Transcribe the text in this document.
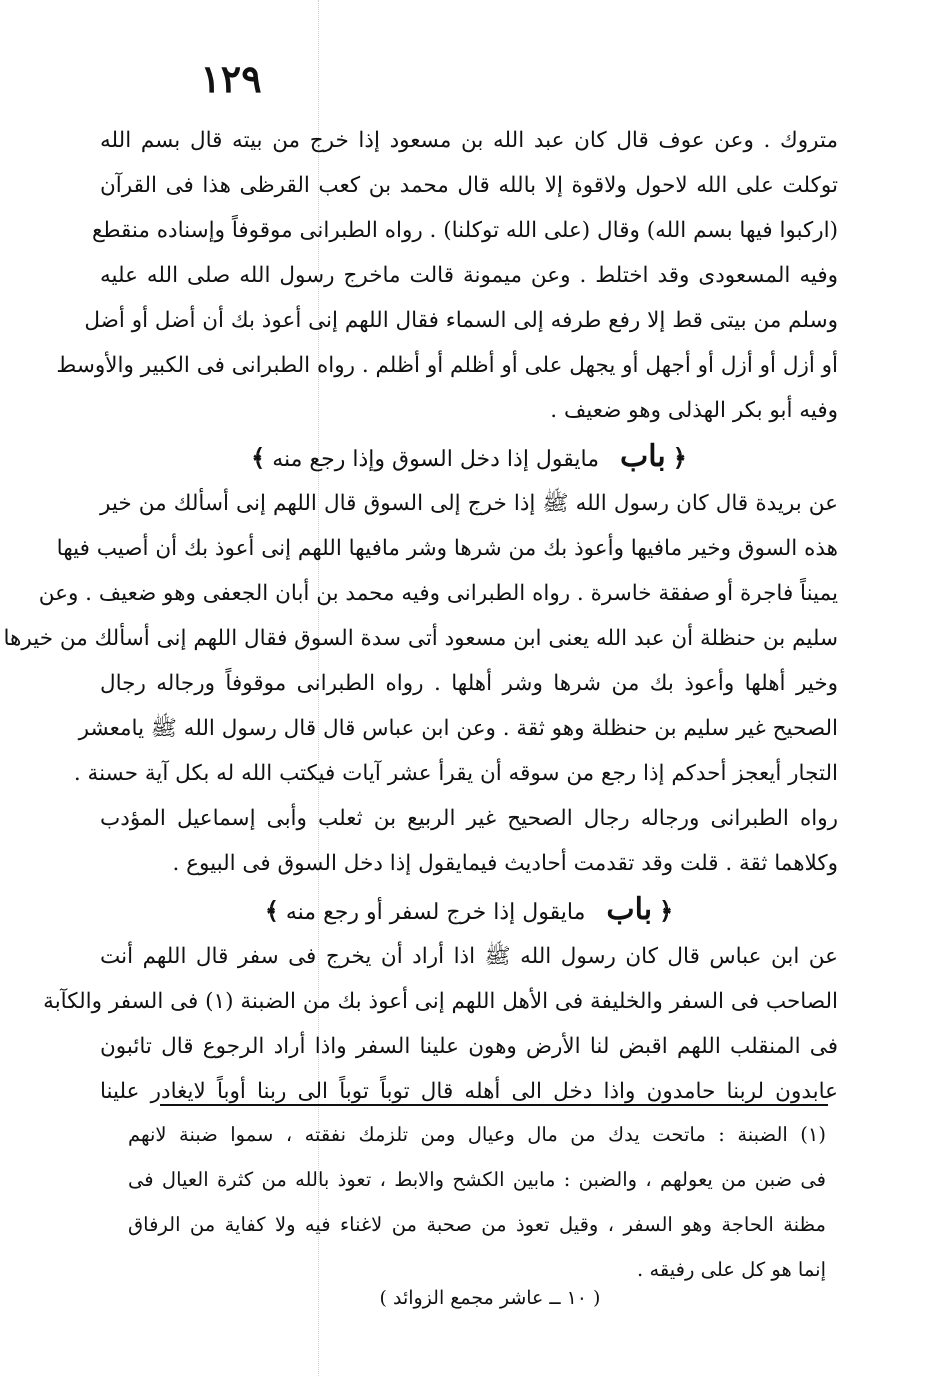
١٢٩
متروك . وعن عوف قال كان عبد الله بن مسعود إذا خرج من بيته قال بسم الله
توكلت على الله لاحول ولاقوة إلا بالله قال محمد بن كعب القرظى هذا فى القرآن
(اركبوا فيها بسم الله) وقال (على الله توكلنا) . رواه الطبرانى موقوفاً وإسناده منقطع
وفيه المسعودى وقد اختلط . وعن ميمونة قالت ماخرج رسول الله صلى الله عليه
وسلم من بيتى قط إلا رفع طرفه إلى السماء فقال اللهم إنى أعوذ بك أن أضل أو أضل
أو أزل أو أزل أو أجهل أو يجهل على أو أظلم أو أظلم . رواه الطبرانى فى الكبير والأوسط
وفيه أبو بكر الهذلى وهو ضعيف .
﴿ باب مايقول إذا دخل السوق وإذا رجع منه ﴾
عن بريدة قال كان رسول الله ﷺ إذا خرج إلى السوق قال اللهم إنى أسألك من خير
هذه السوق وخير مافيها وأعوذ بك من شرها وشر مافيها اللهم إنى أعوذ بك أن أصيب فيها
يميناً فاجرة أو صفقة خاسرة . رواه الطبرانى وفيه محمد بن أبان الجعفى وهو ضعيف . وعن
سليم بن حنظلة أن عبد الله يعنى ابن مسعود أتى سدة السوق فقال اللهم إنى أسألك من خيرها
وخير أهلها وأعوذ بك من شرها وشر أهلها . رواه الطبرانى موقوفاً ورجاله رجال
الصحيح غير سليم بن حنظلة وهو ثقة . وعن ابن عباس قال قال رسول الله ﷺ يامعشر
التجار أيعجز أحدكم إذا رجع من سوقه أن يقرأ عشر آيات فيكتب الله له بكل آية حسنة .
رواه الطبرانى ورجاله رجال الصحيح غير الربيع بن ثعلب وأبى إسماعيل المؤدب
وكلاهما ثقة . قلت وقد تقدمت أحاديث فيمايقول إذا دخل السوق فى البيوع .
﴿ باب مايقول إذا خرج لسفر أو رجع منه ﴾
عن ابن عباس قال كان رسول الله ﷺ اذا أراد أن يخرج فى سفر قال اللهم أنت
الصاحب فى السفر والخليفة فى الأهل اللهم إنى أعوذ بك من الضبنة (١) فى السفر والكآبة
فى المنقلب اللهم اقبض لنا الأرض وهون علينا السفر واذا أراد الرجوع قال تائبون
عابدون لربنا حامدون واذا دخل الى أهله قال توباً توباً الى ربنا أوباً لايغادر علينا
(١) الضبنة : ماتحت يدك من مال وعيال ومن تلزمك نفقته ، سموا ضبنة لانهم
فى ضبن من يعولهم ، والضبن : مابين الكشح والابط ، تعوذ بالله من كثرة العيال فى
مظنة الحاجة وهو السفر ، وقيل تعوذ من صحبة من لاغناء فيه ولا كفاية من الرفاق
إنما هو كل على رفيقه .
( ١٠ ــ عاشر مجمع الزوائد )
